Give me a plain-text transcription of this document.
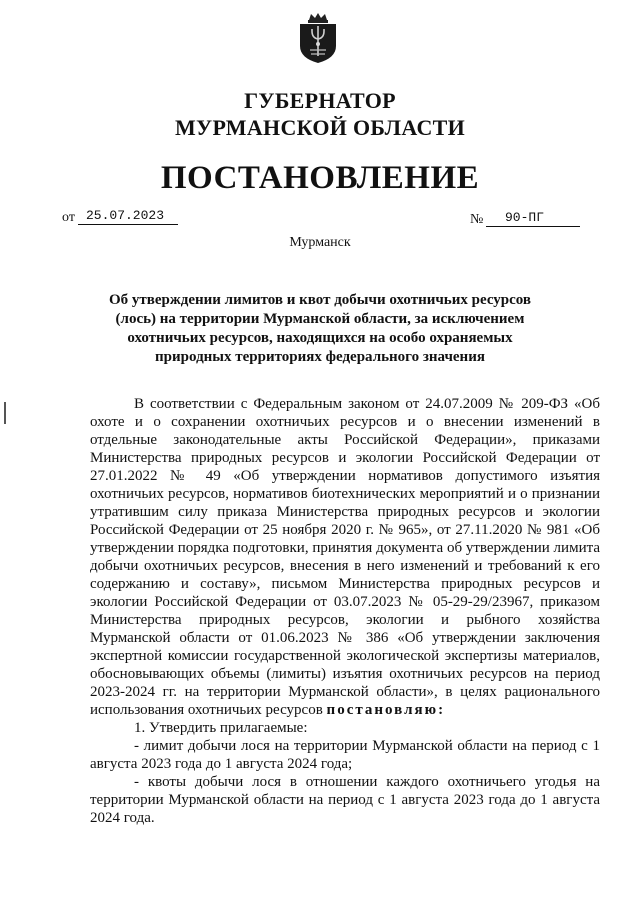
ГУБЕРНАТОР
МУРМАНСКОЙ ОБЛАСТИ
ПОСТАНОВЛЕНИЕ
от 25.07.2023	№ 90-ПГ
Мурманск
Об утверждении лимитов и квот добычи охотничьих ресурсов (лось) на территории Мурманской области, за исключением охотничьих ресурсов, находящихся на особо охраняемых природных территориях федерального значения

В соответствии с Федеральным законом от 24.07.2009 № 209-ФЗ «Об охоте и о сохранении охотничьих ресурсов и о внесении изменений в отдельные законодательные акты Российской Федерации», приказами Министерства природных ресурсов и экологии Российской Федерации от 27.01.2022 № 49 «Об утверждении нормативов допустимого изъятия охотничьих ресурсов, нормативов биотехнических мероприятий и о признании утратившим силу приказа Министерства природных ресурсов и экологии Российской Федерации от 25 ноября 2020 г. № 965», от 27.11.2020 № 981 «Об утверждении порядка подготовки, принятия документа об утверждении лимита добычи охотничьих ресурсов, внесения в него изменений и требований к его содержанию и составу», письмом Министерства природных ресурсов и экологии Российской Федерации от 03.07.2023 № 05-29-29/23967, приказом Министерства природных ресурсов, экологии и рыбного хозяйства Мурманской области от 01.06.2023 № 386 «Об утверждении заключения экспертной комиссии государственной экологической экспертизы материалов, обосновывающих объемы (лимиты) изъятия охотничьих ресурсов на период 2023-2024 гг. на территории Мурманской области», в целях рационального использования охотничьих ресурсов постановляю:

1. Утвердить прилагаемые:

- лимит добычи лося на территории Мурманской области на период с 1 августа 2023 года до 1 августа 2024 года;

- квоты добычи лося в отношении каждого охотничьего угодья на территории Мурманской области на период с 1 августа 2023 года до 1 августа 2024 года.
